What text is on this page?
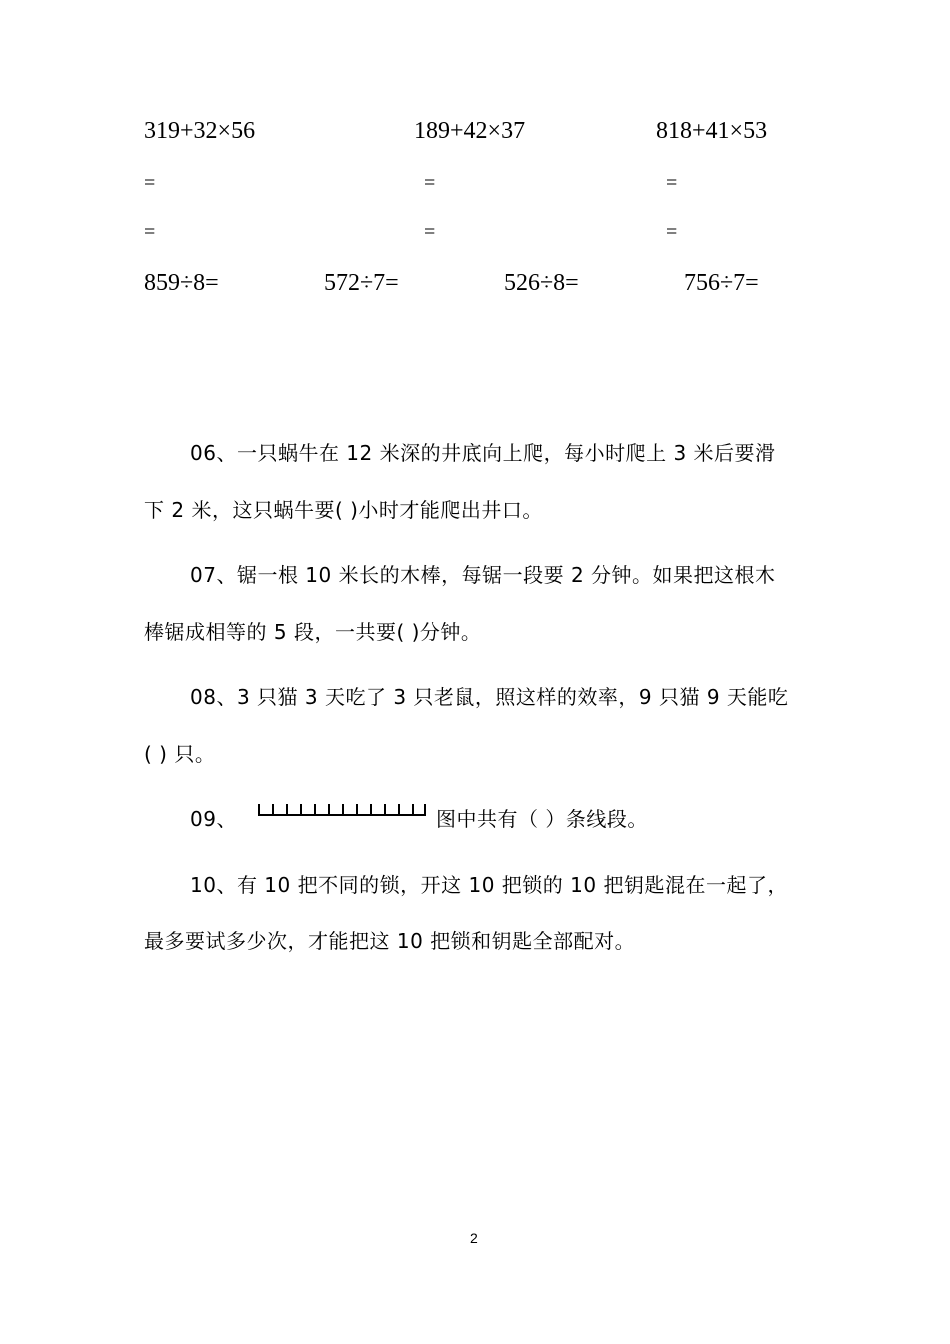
319+32×56	189+42×37	818+41×53
=	=	=
=	=	=
859÷8=	572÷7=	526÷8=	756÷7=
06、一只蜗牛在 12 米深的井底向上爬，每小时爬上 3 米后要滑
下 2 米，这只蜗牛要( )小时才能爬出井口。
07、锯一根 10 米长的木棒，每锯一段要 2 分钟。如果把这根木
棒锯成相等的 5 段，一共要( )分钟。
08、3 只猫 3 天吃了 3 只老鼠，照这样的效率，9 只猫 9 天能吃
( ) 只。
09、	图中共有（ ）条线段。
10、有 10 把不同的锁，开这 10 把锁的 10 把钥匙混在一起了，
最多要试多少次，才能把这 10 把锁和钥匙全部配对。
2
